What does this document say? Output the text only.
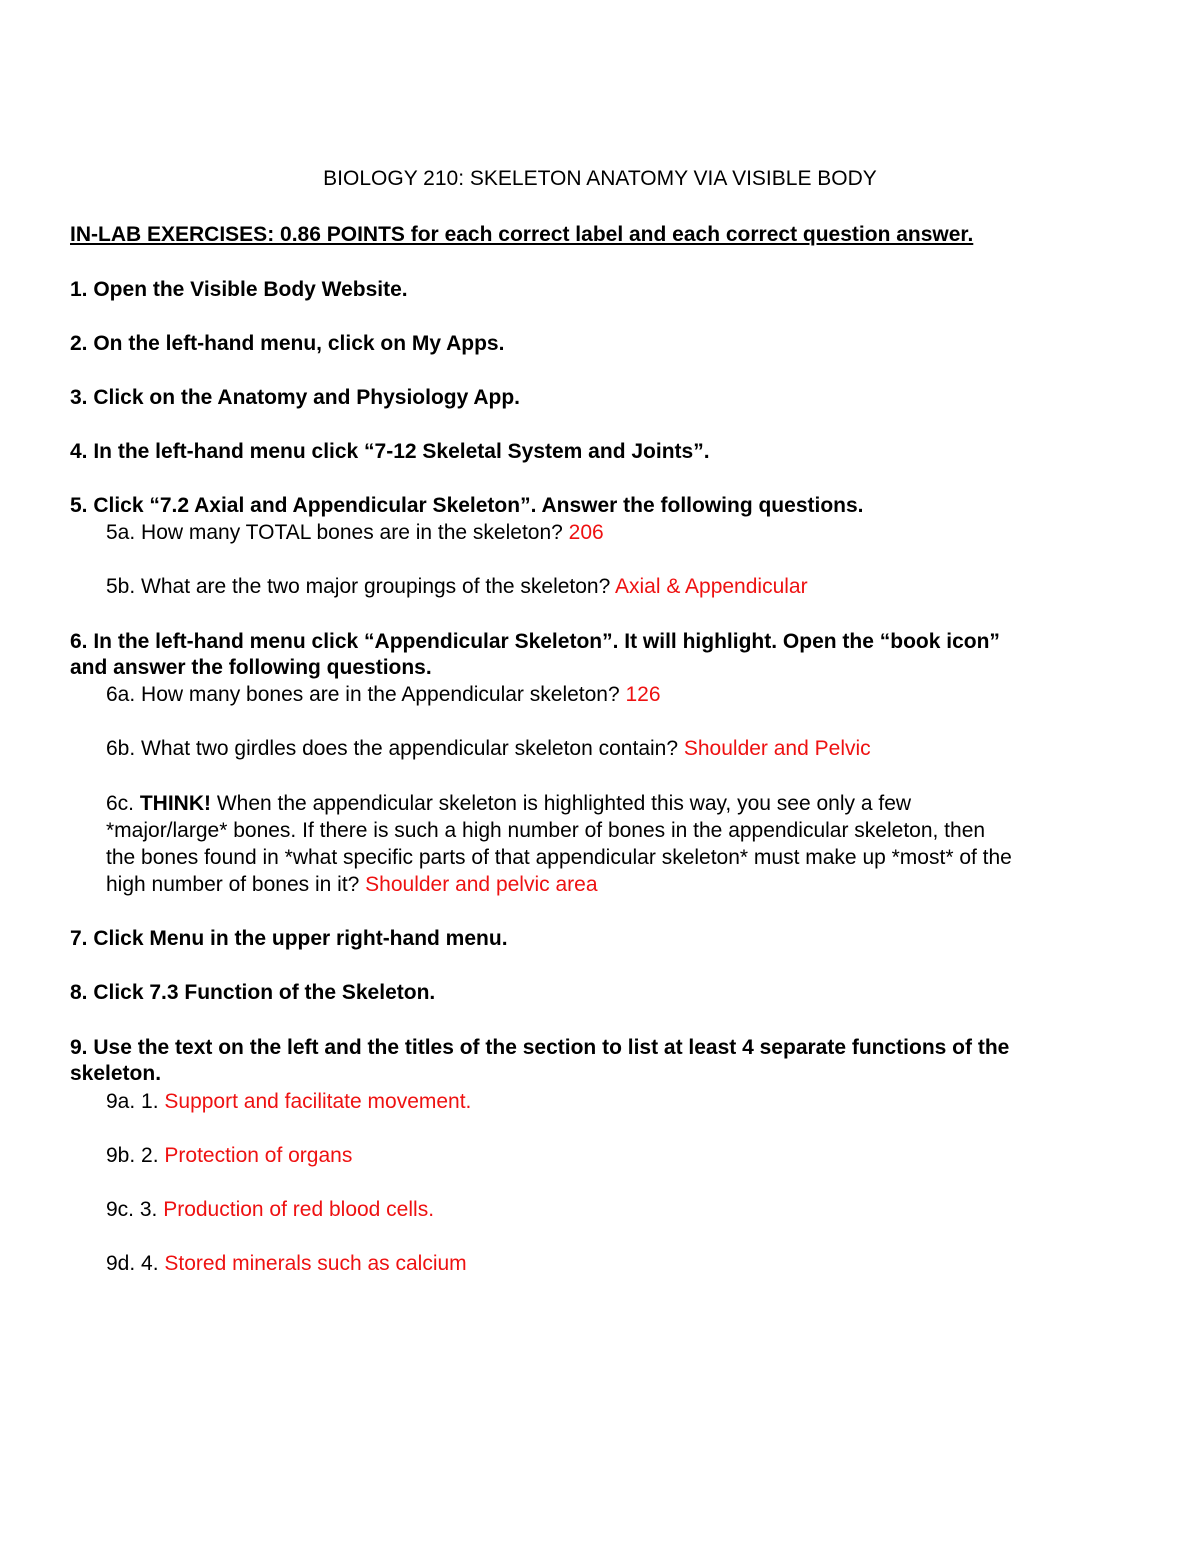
BIOLOGY 210: SKELETON ANATOMY VIA VISIBLE BODY
IN-LAB EXERCISES: 0.86 POINTS for each correct label and each correct question answer.
1. Open the Visible Body Website.
2. On the left-hand menu, click on My Apps.
3. Click on the Anatomy and Physiology App.
4. In the left-hand menu click “7-12 Skeletal System and Joints”.
5. Click “7.2 Axial and Appendicular Skeleton”. Answer the following questions.
5a. How many TOTAL bones are in the skeleton? 206
5b. What are the two major groupings of the skeleton? Axial & Appendicular
6. In the left-hand menu click “Appendicular Skeleton”. It will highlight. Open the “book icon”
and answer the following questions.
6a. How many bones are in the Appendicular skeleton? 126
6b. What two girdles does the appendicular skeleton contain? Shoulder and Pelvic
6c. THINK! When the appendicular skeleton is highlighted this way, you see only a few
*major/large* bones. If there is such a high number of bones in the appendicular skeleton, then
the bones found in *what specific parts of that appendicular skeleton* must make up *most* of the
high number of bones in it? Shoulder and pelvic area
7. Click Menu in the upper right-hand menu.
8. Click 7.3 Function of the Skeleton.
9. Use the text on the left and the titles of the section to list at least 4 separate functions of the
skeleton.
9a. 1. Support and facilitate movement.
9b. 2. Protection of organs
9c. 3. Production of red blood cells.
9d. 4. Stored minerals such as calcium
